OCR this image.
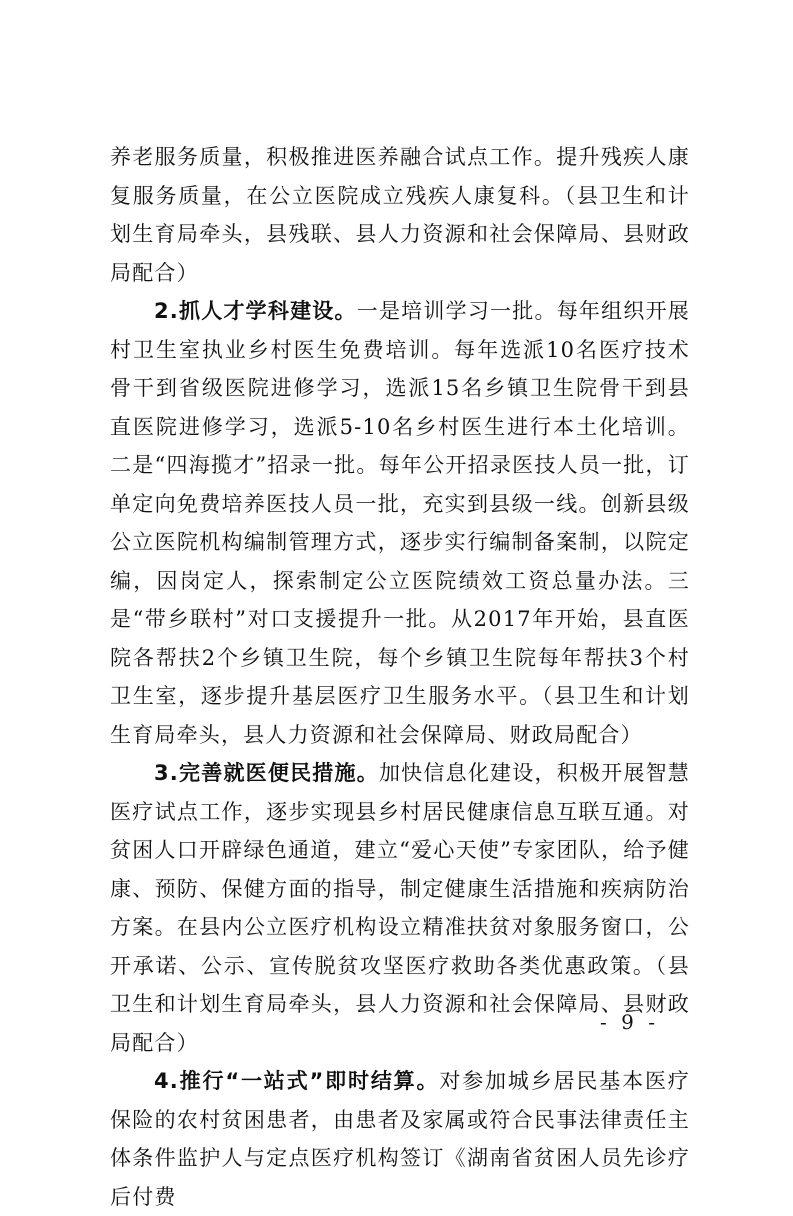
养老服务质量，积极推进医养融合试点工作。提升残疾人康复服务质量，在公立医院成立残疾人康复科。（县卫生和计划生育局牵头，县残联、县人力资源和社会保障局、县财政局配合）

2.抓人才学科建设。一是培训学习一批。每年组织开展村卫生室执业乡村医生免费培训。每年选派10名医疗技术骨干到省级医院进修学习，选派15名乡镇卫生院骨干到县直医院进修学习，选派5-10名乡村医生进行本土化培训。二是“四海揽才”招录一批。每年公开招录医技人员一批，订单定向免费培养医技人员一批，充实到县级一线。创新县级公立医院机构编制管理方式，逐步实行编制备案制，以院定编，因岗定人，探索制定公立医院绩效工资总量办法。三是“带乡联村”对口支援提升一批。从2017年开始，县直医院各帮扶2个乡镇卫生院，每个乡镇卫生院每年帮扶3个村卫生室，逐步提升基层医疗卫生服务水平。（县卫生和计划生育局牵头，县人力资源和社会保障局、财政局配合）

3.完善就医便民措施。加快信息化建设，积极开展智慧医疗试点工作，逐步实现县乡村居民健康信息互联互通。对贫困人口开辟绿色通道，建立“爱心天使”专家团队，给予健康、预防、保健方面的指导，制定健康生活措施和疾病防治方案。在县内公立医疗机构设立精准扶贫对象服务窗口，公开承诺、公示、宣传脱贫攻坚医疗救助各类优惠政策。（县卫生和计划生育局牵头，县人力资源和社会保障局、县财政局配合）

4.推行“一站式”即时结算。对参加城乡居民基本医疗保险的农村贫困患者，由患者及家属或符合民事法律责任主体条件监护人与定点医疗机构签订《湖南省贫困人员先诊疗后付费

- 9 -
